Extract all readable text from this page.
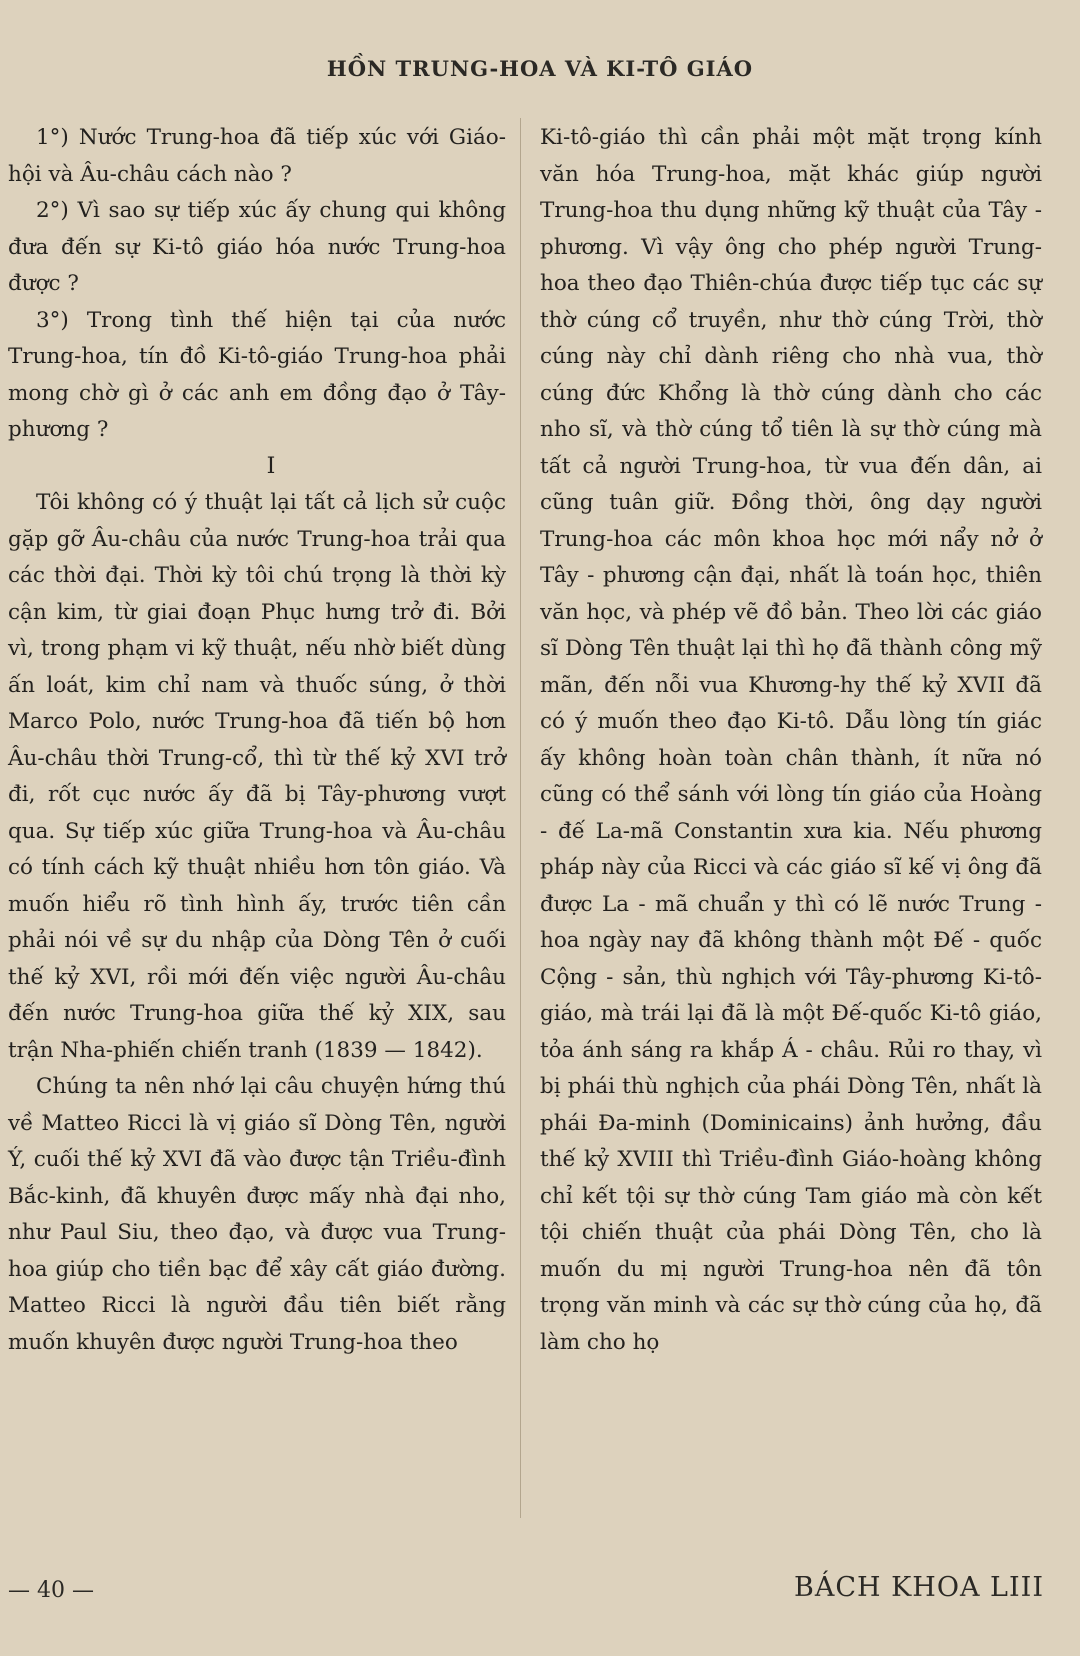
HỒN TRUNG-HOA VÀ KI-TÔ GIÁO

1°) Nước Trung-hoa đã tiếp xúc với Giáo-hội và Âu-châu cách nào ?

2°) Vì sao sự tiếp xúc ấy chung qui không đưa đến sự Ki-tô giáo hóa nước Trung-hoa được ?

3°) Trong tình thế hiện tại của nước Trung-hoa, tín đồ Ki-tô-giáo Trung-hoa phải mong chờ gì ở các anh em đồng đạo ở Tây-phương ?

I

Tôi không có ý thuật lại tất cả lịch sử cuộc gặp gỡ Âu-châu của nước Trung-hoa trải qua các thời đại. Thời kỳ tôi chú trọng là thời kỳ cận kim, từ giai đoạn Phục hưng trở đi. Bởi vì, trong phạm vi kỹ thuật, nếu nhờ biết dùng ấn loát, kim chỉ nam và thuốc súng, ở thời Marco Polo, nước Trung-hoa đã tiến bộ hơn Âu-châu thời Trung-cổ, thì từ thế kỷ XVI trở đi, rốt cục nước ấy đã bị Tây-phương vượt qua. Sự tiếp xúc giữa Trung-hoa và Âu-châu có tính cách kỹ thuật nhiều hơn tôn giáo. Và muốn hiểu rõ tình hình ấy, trước tiên cần phải nói về sự du nhập của Dòng Tên ở cuối thế kỷ XVI, rồi mới đến việc người Âu-châu đến nước Trung-hoa giữa thế kỷ XIX, sau trận Nha-phiến chiến tranh (1839 — 1842).

Chúng ta nên nhớ lại câu chuyện hứng thú về Matteo Ricci là vị giáo sĩ Dòng Tên, người Ý, cuối thế kỷ XVI đã vào được tận Triều-đình Bắc-kinh, đã khuyên được mấy nhà đại nho, như Paul Siu, theo đạo, và được vua Trung-hoa giúp cho tiền bạc để xây cất giáo đường. Matteo Ricci là người đầu tiên biết rằng muốn khuyên được người Trung-hoa theo

Ki-tô-giáo thì cần phải một mặt trọng kính văn hóa Trung-hoa, mặt khác giúp người Trung-hoa thu dụng những kỹ thuật của Tây - phương. Vì vậy ông cho phép người Trung-hoa theo đạo Thiên-chúa được tiếp tục các sự thờ cúng cổ truyền, như thờ cúng Trời, thờ cúng này chỉ dành riêng cho nhà vua, thờ cúng đức Khổng là thờ cúng dành cho các nho sĩ, và thờ cúng tổ tiên là sự thờ cúng mà tất cả người Trung-hoa, từ vua đến dân, ai cũng tuân giữ. Đồng thời, ông dạy người Trung-hoa các môn khoa học mới nẩy nở ở Tây - phương cận đại, nhất là toán học, thiên văn học, và phép vẽ đồ bản. Theo lời các giáo sĩ Dòng Tên thuật lại thì họ đã thành công mỹ mãn, đến nỗi vua Khương-hy thế kỷ XVII đã có ý muốn theo đạo Ki-tô. Dẫu lòng tín giác ấy không hoàn toàn chân thành, ít nữa nó cũng có thể sánh với lòng tín giáo của Hoàng - đế La-mã Constantin xưa kia. Nếu phương pháp này của Ricci và các giáo sĩ kế vị ông đã được La - mã chuẩn y thì có lẽ nước Trung - hoa ngày nay đã không thành một Đế - quốc Cộng - sản, thù nghịch với Tây-phương Ki-tô-giáo, mà trái lại đã là một Đế-quốc Ki-tô giáo, tỏa ánh sáng ra khắp Á - châu. Rủi ro thay, vì bị phái thù nghịch của phái Dòng Tên, nhất là phái Đa-minh (Dominicains) ảnh hưởng, đầu thế kỷ XVIII thì Triều-đình Giáo-hoàng không chỉ kết tội sự thờ cúng Tam giáo mà còn kết tội chiến thuật của phái Dòng Tên, cho là muốn du mị người Trung-hoa nên đã tôn trọng văn minh và các sự thờ cúng của họ, đã làm cho họ

— 40 —	BÁCH KHOA LIII
